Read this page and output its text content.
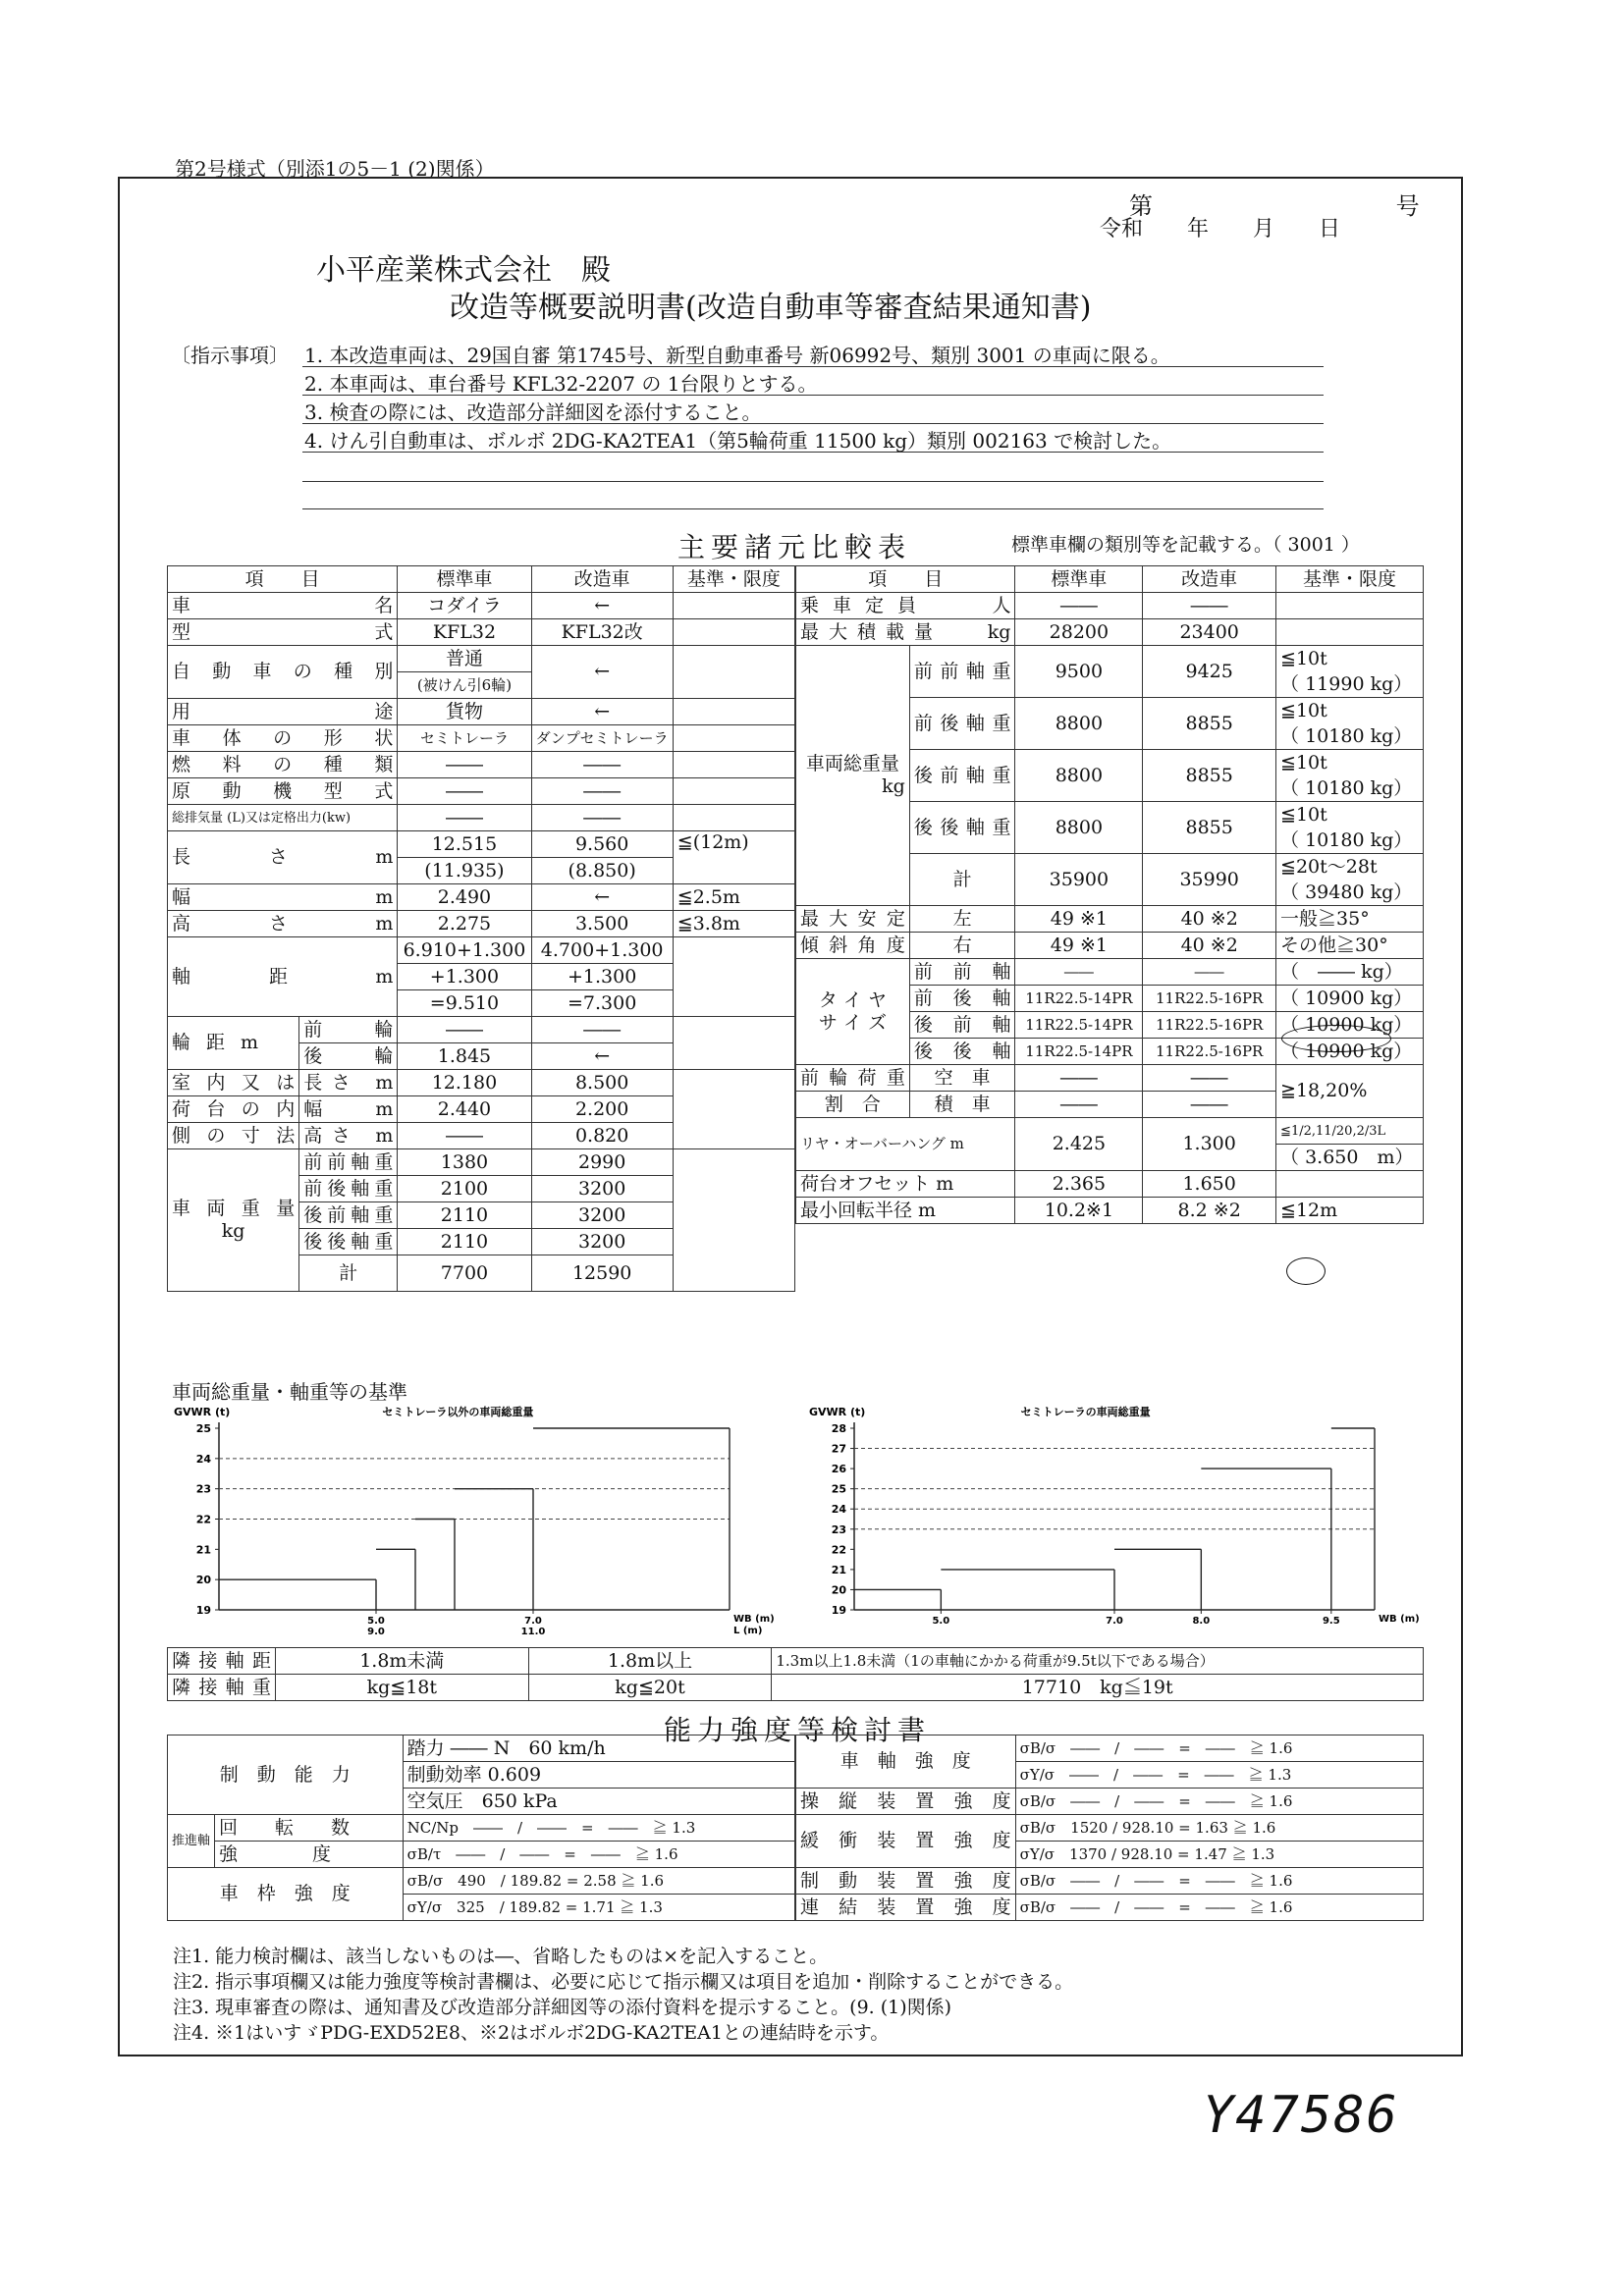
第2号様式（別添1の5－1 (2)関係）
第 号
令和 年 月 日
小平産業株式会社　殿
改造等概要説明書(改造自動車等審査結果通知書)
〔指示事項〕 1. 本改造車両は、29国自審 第1745号、新型自動車番号 新06992号、類別 3001 の車両に限る。
2. 本車両は、車台番号 KFL32-2207 の 1台限りとする。
3. 検査の際には、改造部分詳細図を添付すること。
4. けん引自動車は、ボルボ 2DG-KA2TEA1（第5輪荷重 11500 kg）類別 002163 で検討した。
主要諸元比較表	標準車欄の類別等を記載する。（ 3001 ）
項　　目		標準車	改造車	基準・限度
車名		コダイラ	←	
型式		KFL32	KFL32改	
自動車の種別		普通	←	
		(被けん引6輪)		
用途		貨物	←	
車体の形状		セミトレーラ	ダンプセミトレーラ	
燃料の種類		――	――	
原動機型式		――	――	
総排気量 (L)又は定格出力(kw)		――	――	
長さ m		12.515	9.560	≦(12m)
		(11.935)	(8.850)	
幅 m		2.490	←	≦2.5m
高さ m		2.275	3.500	≦3.8m
軸距 m		6.910+1.300	4.700+1.300	
		+1.300	+1.300	
		=9.510	=7.300	
輪距m	前輪	――	――	
	後輪	1.845	←	
室内又は	長さ m	12.180	8.500	
荷台の内	幅 m	2.440	2.200	
側の寸法	高さ m	――	0.820	

車両重量
kg	前前軸重	1380	2990	
	前後軸重	2100	3200	
	後前軸重	2110	3200	
	後後軸重	2110	3200	
	計	7700	12590	
項　　目		標準車	改造車	基準・限度
乗車定員 人		――	――	
最大積載量 kg		28200	23400	

車両総重量
kg	前前軸重	9500	9425	≦10t
				（ 11990 kg）
	前後軸重	8800	8855	≦10t
				（ 10180 kg）
	後前軸重	8800	8855	≦10t

				（ 10180 kg）
	後後軸重	8800	8855	≦10t

				（ 10180 kg）
	計	35900	35990	≦20t～28t
				（ 39480 kg）
最大安定	左	49 ※1	40 ※2	一般≧35°
傾斜角度	右	49 ※1	40 ※2	その他≧30°

タ イ ヤ
サ イ ズ	前前軸	――	――	（　―― kg）
	前後軸	11R22.5-14PR	11R22.5-16PR	（ 10900 kg）
	後前軸	11R22.5-14PR	11R22.5-16PR	（ 10900 kg）
	後後軸	11R22.5-14PR	11R22.5-16PR	（ 10900 kg）
前輪荷重	空　車	――	――	≧18,20%
割　合	積　車	――	――	
リヤ・オーバーハング m		2.425	1.300	≦1/2,11/20,2/3L
				（ 3.650　m）
荷台オフセット m		2.365	1.650	
最小回転半径 m		10.2※1	8.2 ※2	≦12m
車両総重量・軸重等の基準
GVWR (t)	セミトレーラ以外の車両総重量
19
20
21
22
23
24
25
5.0
9.0
7.0
11.0
WB (m)
L (m)
GVWR (t)	セミトレーラの車両総重量
19
20
21
22
23
24
25
26
27
28
5.0	7.0	8.0	9.5	WB (m)
隣接軸距	1.8m未満	1.8m以上	1.3m以上1.8未満（1の車軸にかかる荷重が9.5t以下である場合）
隣接軸重	kg≦18t	kg≦20t	17710　kg≦19t
能力強度等検討書
制　動　能　力		踏力 ―― N　60 km/h
		制動効率 0.609
		空気圧　650 kPa
推進軸	回　　転　　数	NC/Np　――　/　――　=　――　≧ 1.3
	強　　　　度	σB/τ　――　/　――　=　――　≧ 1.6
車　枠　強　度		σB/σ　490　/ 189.82 = 2.58 ≧ 1.6
		σY/σ　325　/ 189.82 = 1.71 ≧ 1.3
車　軸　強　度	σB/σ　――　/　――　=　――　≧ 1.6
	σY/σ　――　/　――　=　――　≧ 1.3
操縦装置強度	σB/σ　――　/　――　=　――　≧ 1.6
緩衝装置強度	σB/σ　1520 / 928.10 = 1.63 ≧ 1.6
	σY/σ　1370 / 928.10 = 1.47 ≧ 1.3
制動装置強度	σB/σ　――　/　――　=　――　≧ 1.6
連結装置強度	σB/σ　――　/　――　=　――　≧ 1.6
注1. 能力検討欄は、該当しないものは―、省略したものは×を記入すること。
注2. 指示事項欄又は能力強度等検討書欄は、必要に応じて指示欄又は項目を追加・削除することができる。
注3. 現車審査の際は、通知書及び改造部分詳細図等の添付資料を提示すること。(9. (1)関係)
注4. ※1はいすゞPDG-EXD52E8、※2はボルボ2DG-KA2TEA1との連結時を示す。
Y47586
